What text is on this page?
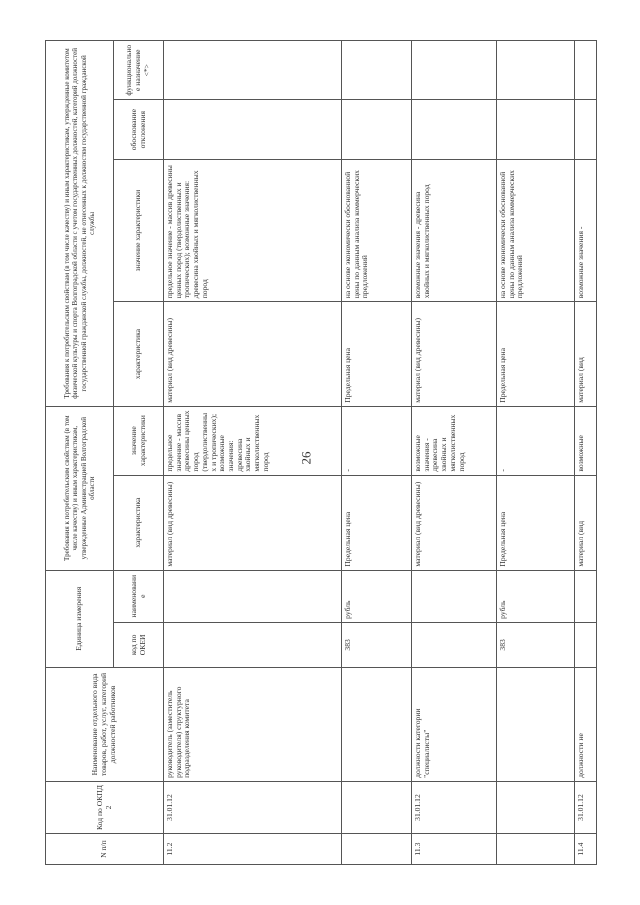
26
N п/п	Код по ОКПД 2	Наименование отдельного вида товаров, работ, услуг, категорий должностей работников	Единица измерения		Требования к потребительским свойствам (в том числе качеству) и иным характеристикам, утвержденные Администрацией Волгоградской области		Требования к потребительским свойствам (в том числе качеству) и иным характеристикам, утвержденные комитетом физической культуры и спорта Волгоградской области с учетом государственных должностей, категорий должностей государственной гражданской службы, должностей, не отнесенных к должностям государственной гражданской службы			
			код по ОКЕИ	наименование	характеристика	значение характеристики	характеристика	значение характеристики	обоснование отклонения	функциональное назначение <*>
11.2	31.01.12	руководитель (заместитель руководителя) структурного подразделения комитета			материал (вид древесины)	предельное значение - массив древесины ценных пород (твердолиственных и тропических); возможные значения: древесина хвойных и мягколиственных пород	материал (вид древесины)	предельное значение - массив древесины ценных пород (твердолиственных и тропических); возможные значения: древесина хвойных и мягколиственных пород		
			383	рубль	Предельная цена	-	Предельная цена	на основе экономически обоснованной цены по данным анализа коммерческих предложений		
11.3	31.01.12	должности категории "специалисты"			материал (вид древесины)	возможные значения - древесина хвойных и мягколиственных пород	материал (вид древесины)	возможные значения - древесина хвойных и мягколиственных пород		
			383	рубль	Предельная цена	-	Предельная цена	на основе экономически обоснованной цены по данным анализа коммерческих предложений		
11.4	31.01.12	должности не			материал (вид	возможные	материал (вид	возможные значения -		
